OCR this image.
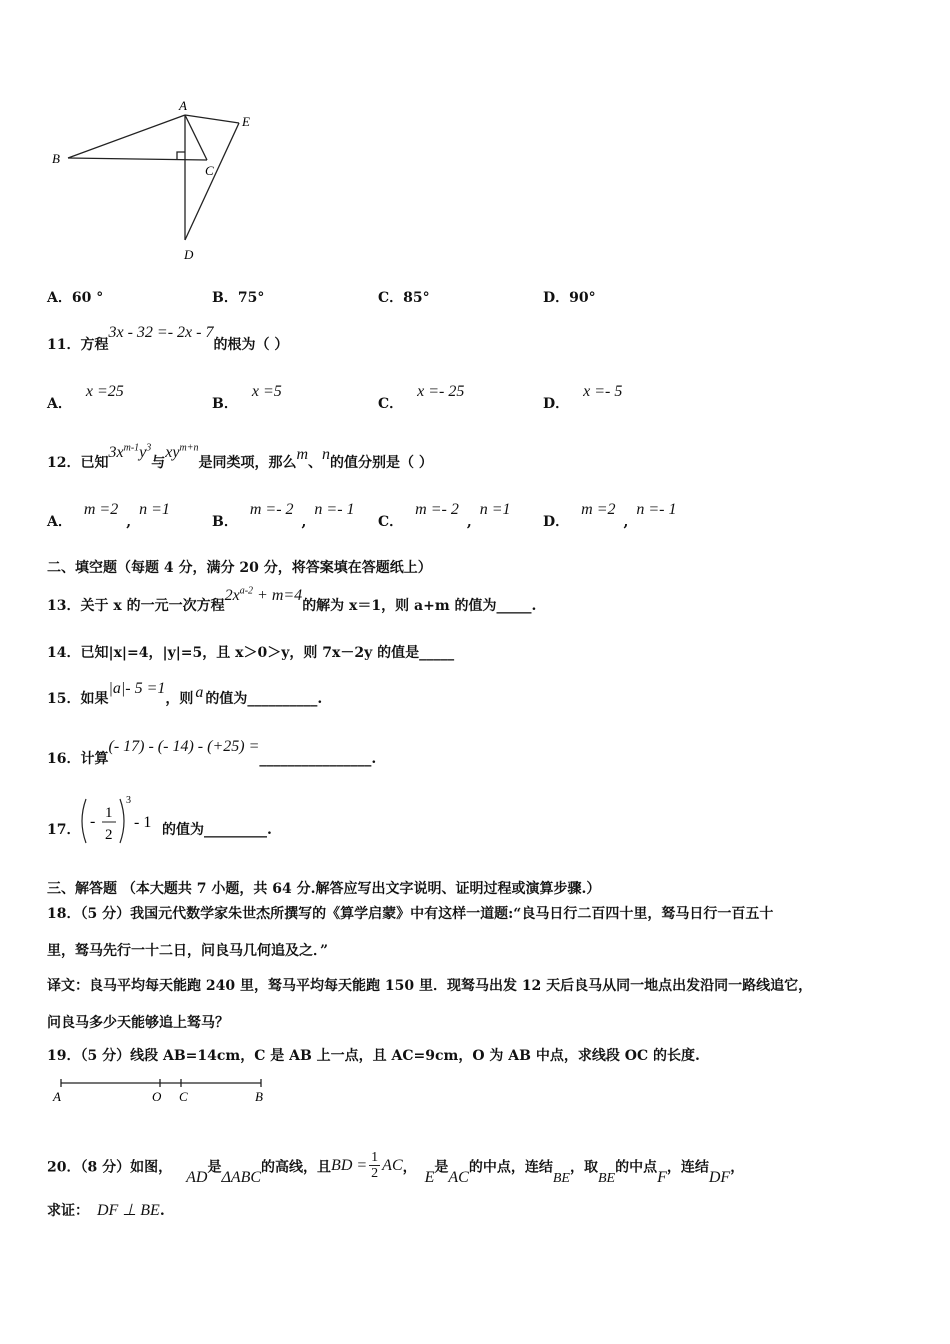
A
B
C
D
E
A．60 °	B．75°	C．85°	D．90°
11．方程3x - 32 =- 2x - 7的根为（ ）
A．x =25
B．x =5
C．x =- 25
D．x =- 5
12．已知$3x^{m-1}y^3$与$xy^{m+n}$是同类项，那么m、n的值分别是（ ）
A．m =2,n =1
B．m =- 2,n =- 1
C．m =- 2,n =1
D．m =2,n =- 1
二、填空题（每题 4 分，满分 20 分，将答案填在答题纸上）
13．关于 x 的一元一次方程$2x^{a-2} + m=4$的解为 x＝1，则 a+m 的值为_____.
14．已知|x|=4，|y|=5，且 x＞0＞y，则 7x－2y 的值是_____
15．如果|a|- 5 =1，则 a 的值为__________.
16．计算(- 17) - (- 14) - (+25) =________________.
17． - 1
2
3
- 1 的值为_________.
三、解答题 （本大题共 7 小题，共 64 分.解答应写出文字说明、证明过程或演算步骤.）
18．（5 分）我国元代数学家朱世杰所撰写的《算学启蒙》中有这样一道题:“良马日行二百四十里，驽马日行一百五十
里，驽马先行一十二日，问良马几何追及之．”
译文：良马平均每天能跑 240 里，驽马平均每天能跑 150 里．现驽马出发 12 天后良马从同一地点出发沿同一路线追它，
问良马多少天能够追上驽马？
19．（5 分）线段 AB=14cm，C 是 AB 上一点，且 AC=9cm，O 为 AB 中点，求线段 OC 的长度.
A	O C	B
20．（8 分）如图，AD是ΔABC的高线，且BD = $\frac{1}{2}$ AC，E是AC的中点，连结BE，取BE的中点F，连结DF，
求证： DF ⊥ BE.
